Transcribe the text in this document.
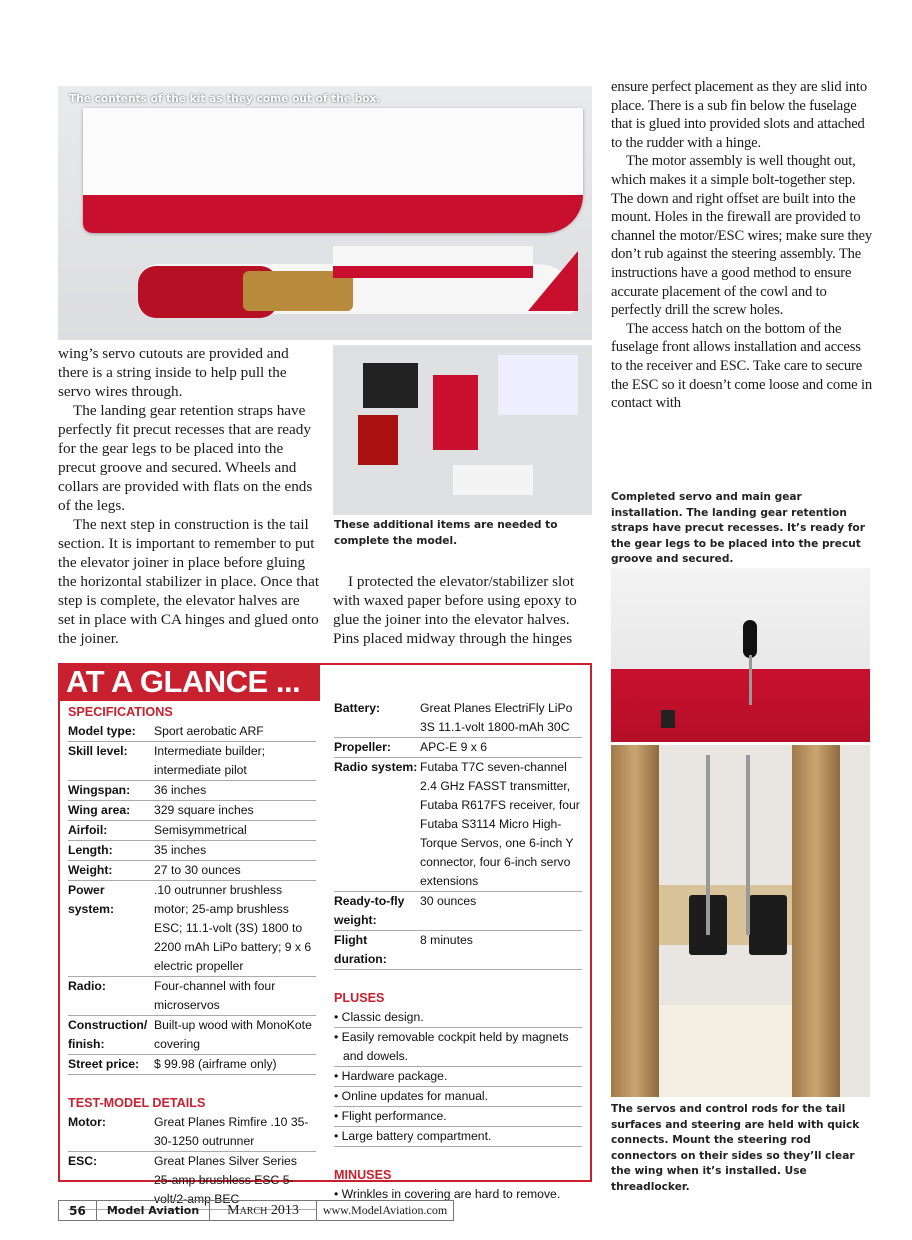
The contents of the kit as they come out of the box.

wing’s servo cutouts are provided and there is a string inside to help pull the servo wires through.

The landing gear retention straps have perfectly fit precut recesses that are ready for the gear legs to be placed into the precut groove and secured. Wheels and collars are provided with flats on the ends of the legs.

The next step in construction is the tail section. It is important to remember to put the elevator joiner in place before gluing the horizontal stabilizer in place. Once that step is complete, the elevator halves are set in place with CA hinges and glued onto the joiner.

These additional items are needed to complete the model.

I protected the elevator/stabilizer slot with waxed paper before using epoxy to glue the joiner into the elevator halves. Pins placed midway through the hinges

ensure perfect placement as they are slid into place. There is a sub fin below the fuselage that is glued into provided slots and attached to the rudder with a hinge.

The motor assembly is well thought out, which makes it a simple bolt-together step. The down and right offset are built into the mount. Holes in the firewall are provided to channel the motor/ESC wires; make sure they don’t rub against the steering assembly. The instructions have a good method to ensure accurate placement of the cowl and to perfectly drill the screw holes.

The access hatch on the bottom of the fuselage front allows installation and access to the receiver and ESC. Take care to secure the ESC so it doesn’t come loose and come in contact with

Completed servo and main gear installation. The landing gear retention straps have precut recesses. It’s ready for the gear legs to be placed into the precut groove and secured.
The servos and control rods for the tail surfaces and steering are held with quick connects. Mount the steering rod connectors on their sides so they’ll clear the wing when it’s installed. Use threadlocker.
AT A GLANCE ...
SPECIFICATIONS
Model type:	Sport aerobatic ARF
Skill level:	Intermediate builder; intermediate pilot
Wingspan:	36 inches
Wing area:	329 square inches
Airfoil:	Semisymmetrical
Length:	35 inches
Weight:	27 to 30 ounces
Power system:
.10 outrunner brushless motor; 25-amp brushless ESC; 11.1-volt (3S) 1800 to 2200 mAh LiPo battery; 9 x 6 electric propeller
Radio:	Four-channel with four microservos
Construction/ finish:
Built-up wood with MonoKote covering
Street price:	$ 99.98 (airframe only)
TEST-MODEL DETAILS
Motor:	Great Planes Rimfire .10 35-30-1250 outrunner
ESC:	Great Planes Silver Series 25-amp brushless ESC 5-volt/2-amp BEC
Battery:	Great Planes ElectriFly LiPo 3S 11.1-volt 1800-mAh 30C
Propeller:	APC-E 9 x 6
Radio system: Futaba T7C seven-channel 2.4 GHz FASST transmitter, Futaba R617FS receiver, four Futaba S3114 Micro High-Torque Servos, one 6-inch Y connector, four 6-inch servo extensions
Ready-to-fly weight:
30 ounces
Flight duration:
8 minutes
PLUSES
• Classic design.
• Easily removable cockpit held by magnets and dowels.
• Hardware package.
• Online updates for manual.
• Flight performance.
• Large battery compartment.
MINUSES
• Wrinkles in covering are hard to remove.
56	Model Aviation	March 2013	www.ModelAviation.com
